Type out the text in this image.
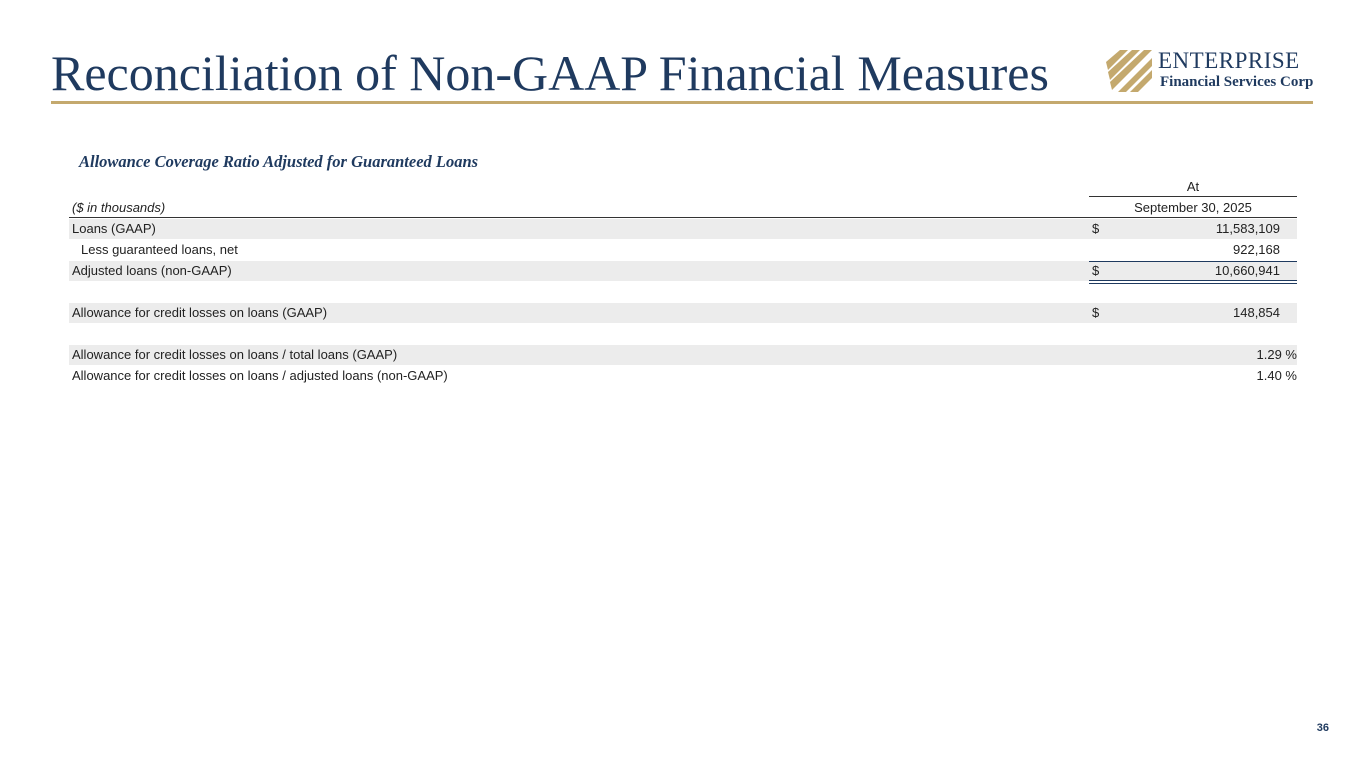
Reconciliation of Non-GAAP Financial Measures	ENTERPRISE
Financial Services Corp
Allowance Coverage Ratio Adjusted for Guaranteed Loans
At
($ in thousands)	September 30, 2025
Loans (GAAP)	$	11,583,109
Less guaranteed loans, net	922,168
Adjusted loans (non-GAAP)	$	10,660,941
Allowance for credit losses on loans (GAAP)	$	148,854
Allowance for credit losses on loans / total loans (GAAP)	1.29 %
Allowance for credit losses on loans / adjusted loans (non-GAAP)	1.40 %
36
